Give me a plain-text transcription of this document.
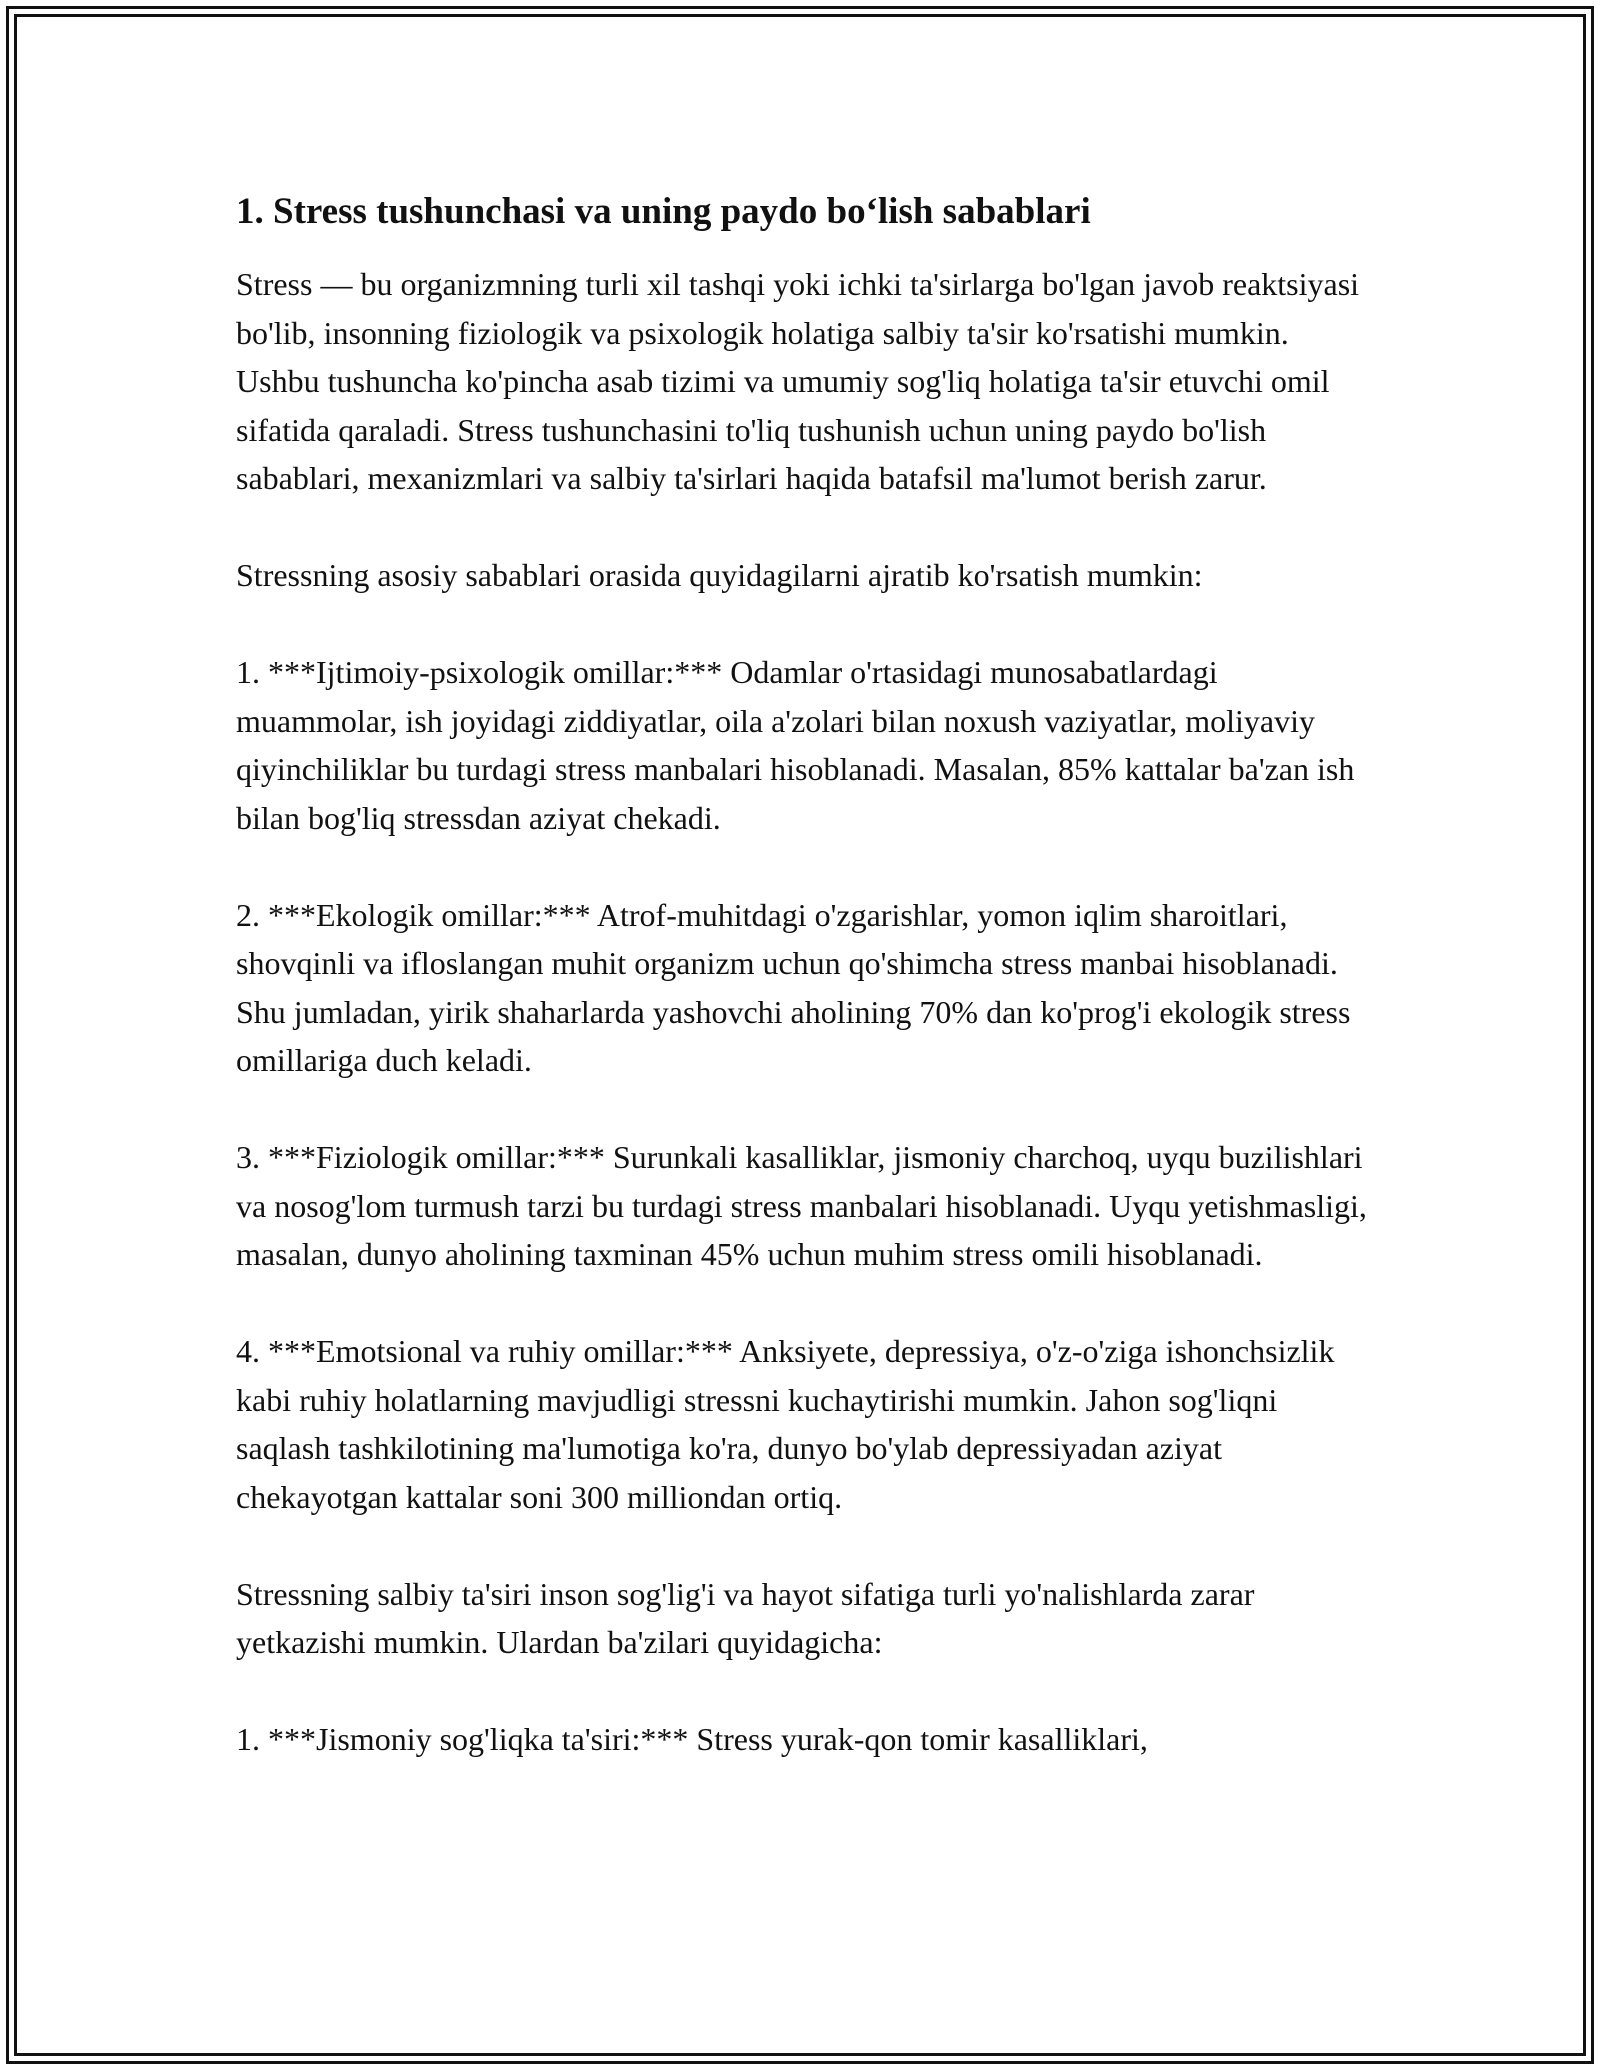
1. Stress tushunchasi va uning paydo bo‘lish sabablari

Stress — bu organizmning turli xil tashqi yoki ichki ta'sirlarga bo'lgan javob reaktsiyasi bo'lib, insonning fiziologik va psixologik holatiga salbiy ta'sir ko'rsatishi mumkin. Ushbu tushuncha ko'pincha asab tizimi va umumiy sog'liq holatiga ta'sir etuvchi omil sifatida qaraladi. Stress tushunchasini to'liq tushunish uchun uning paydo bo'lish sabablari, mexanizmlari va salbiy ta'sirlari haqida batafsil ma'lumot berish zarur.

Stressning asosiy sabablari orasida quyidagilarni ajratib ko'rsatish mumkin:

1. ***Ijtimoiy-psixologik omillar:*** Odamlar o'rtasidagi munosabatlardagi muammolar, ish joyidagi ziddiyatlar, oila a'zolari bilan noxush vaziyatlar, moliyaviy qiyinchiliklar bu turdagi stress manbalari hisoblanadi. Masalan, 85% kattalar ba'zan ish bilan bog'liq stressdan aziyat chekadi.

2. ***Ekologik omillar:*** Atrof-muhitdagi o'zgarishlar, yomon iqlim sharoitlari, shovqinli va ifloslangan muhit organizm uchun qo'shimcha stress manbai hisoblanadi. Shu jumladan, yirik shaharlarda yashovchi aholining 70% dan ko'prog'i ekologik stress omillariga duch keladi.

3. ***Fiziologik omillar:*** Surunkali kasalliklar, jismoniy charchoq, uyqu buzilishlari va nosog'lom turmush tarzi bu turdagi stress manbalari hisoblanadi. Uyqu yetishmasligi, masalan, dunyo aholining taxminan 45% uchun muhim stress omili hisoblanadi.

4. ***Emotsional va ruhiy omillar:*** Anksiyete, depressiya, o'z-o'ziga ishonchsizlik kabi ruhiy holatlarning mavjudligi stressni kuchaytirishi mumkin. Jahon sog'liqni saqlash tashkilotining ma'lumotiga ko'ra, dunyo bo'ylab depressiyadan aziyat chekayotgan kattalar soni 300 milliondan ortiq.

Stressning salbiy ta'siri inson sog'lig'i va hayot sifatiga turli yo'nalishlarda zarar yetkazishi mumkin. Ulardan ba'zilari quyidagicha:

1. ***Jismoniy sog'liqka ta'siri:*** Stress yurak-qon tomir kasalliklari,
